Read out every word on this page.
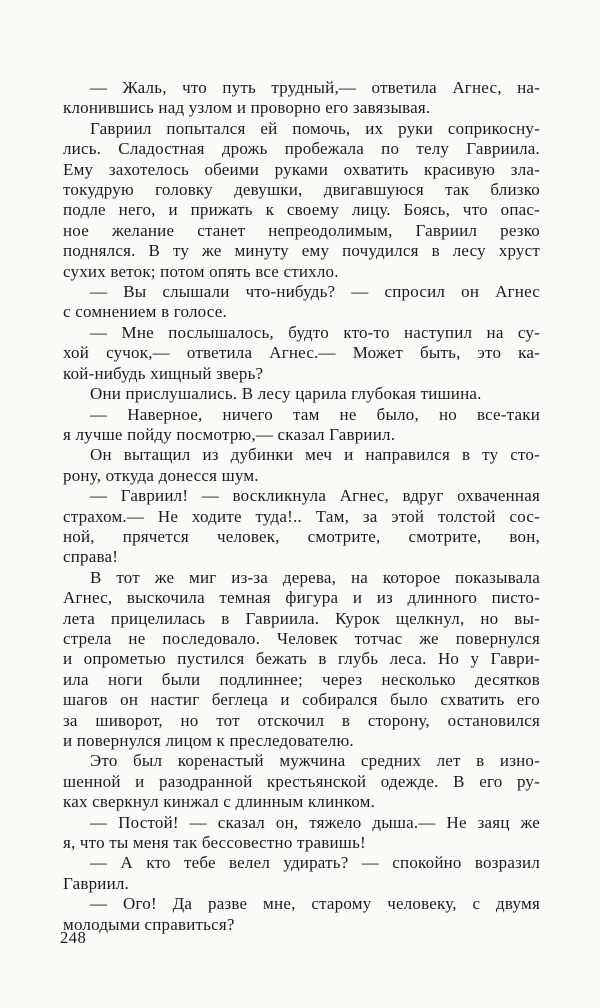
— Жаль, что путь трудный,— ответила Агнес, на-
клонившись над узлом и проворно его завязывая.
Гавриил попытался ей помочь, их руки соприкосну-
лись. Сладостная дрожь пробежала по телу Гавриила.
Ему захотелось обеими руками охватить красивую зла-
токудрую головку девушки, двигавшуюся так близко
подле него, и прижать к своему лицу. Боясь, что опас-
ное желание станет непреодолимым, Гавриил резко
поднялся. В ту же минуту ему почудился в лесу хруст
сухих веток; потом опять все стихло.
— Вы слышали что-нибудь? — спросил он Агнес
с сомнением в голосе.
— Мне послышалось, будто кто-то наступил на су-
хой сучок,— ответила Агнес.— Может быть, это ка-
кой-нибудь хищный зверь?
Они прислушались. В лесу царила глубокая тишина.
— Наверное, ничего там не было, но все-таки
я лучше пойду посмотрю,— сказал Гавриил.
Он вытащил из дубинки меч и направился в ту сто-
рону, откуда донесся шум.
— Гавриил! — воскликнула Агнес, вдруг охваченная
страхом.— Не ходите туда!.. Там, за этой толстой сос-
ной, прячется человек, смотрите, смотрите, вон,
справа!
В тот же миг из-за дерева, на которое показывала
Агнес, выскочила темная фигура и из длинного писто-
лета прицелилась в Гавриила. Курок щелкнул, но вы-
стрела не последовало. Человек тотчас же повернулся
и опрометью пустился бежать в глубь леса. Но у Гаври-
ила ноги были подлиннее; через несколько десятков
шагов он настиг беглеца и собирался было схватить его
за шиворот, но тот отскочил в сторону, остановился
и повернулся лицом к преследователю.
Это был коренастый мужчина средних лет в изно-
шенной и разодранной крестьянской одежде. В его ру-
ках сверкнул кинжал с длинным клинком.
— Постой! — сказал он, тяжело дыша.— Не заяц же
я, что ты меня так бессовестно травишь!
— А кто тебе велел удирать? — спокойно возразил
Гавриил.
— Ого! Да разве мне, старому человеку, с двумя
молодыми справиться?
248
